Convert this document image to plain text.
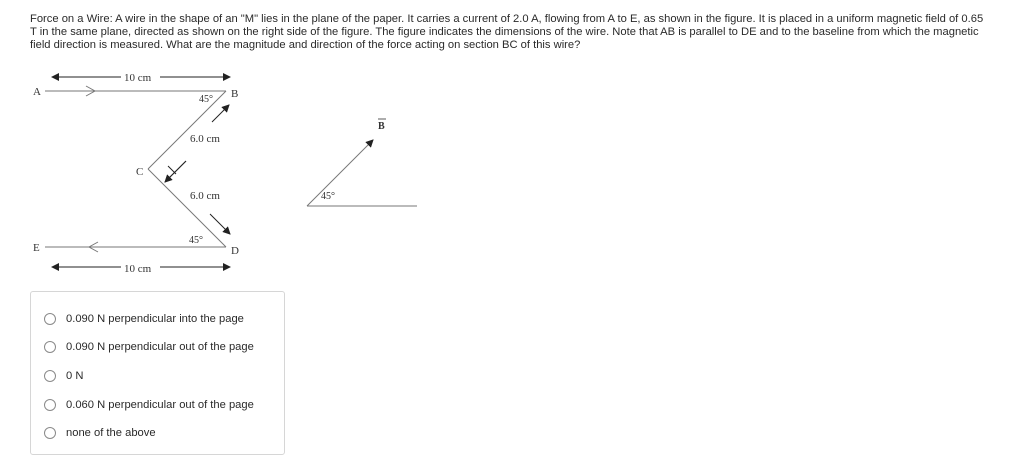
Force on a Wire: A wire in the shape of an "M" lies in the plane of the paper. It carries a current of 2.0 A, flowing from A to E, as shown in the figure. It is placed in a uniform magnetic field of 0.65 T in the same plane, directed as shown on the right side of the figure. The figure indicates the dimensions of the wire. Note that AB is parallel to DE and to the baseline from which the magnetic field direction is measured. What are the magnitude and direction of the force acting on section BC of this wire?
10 cm
A
45° B
6.0 cm
C
6.0 cm
45°
D
E
10 cm
B
45°
0.090 N perpendicular into the page
0.090 N perpendicular out of the page
0 N
0.060 N perpendicular out of the page
none of the above
